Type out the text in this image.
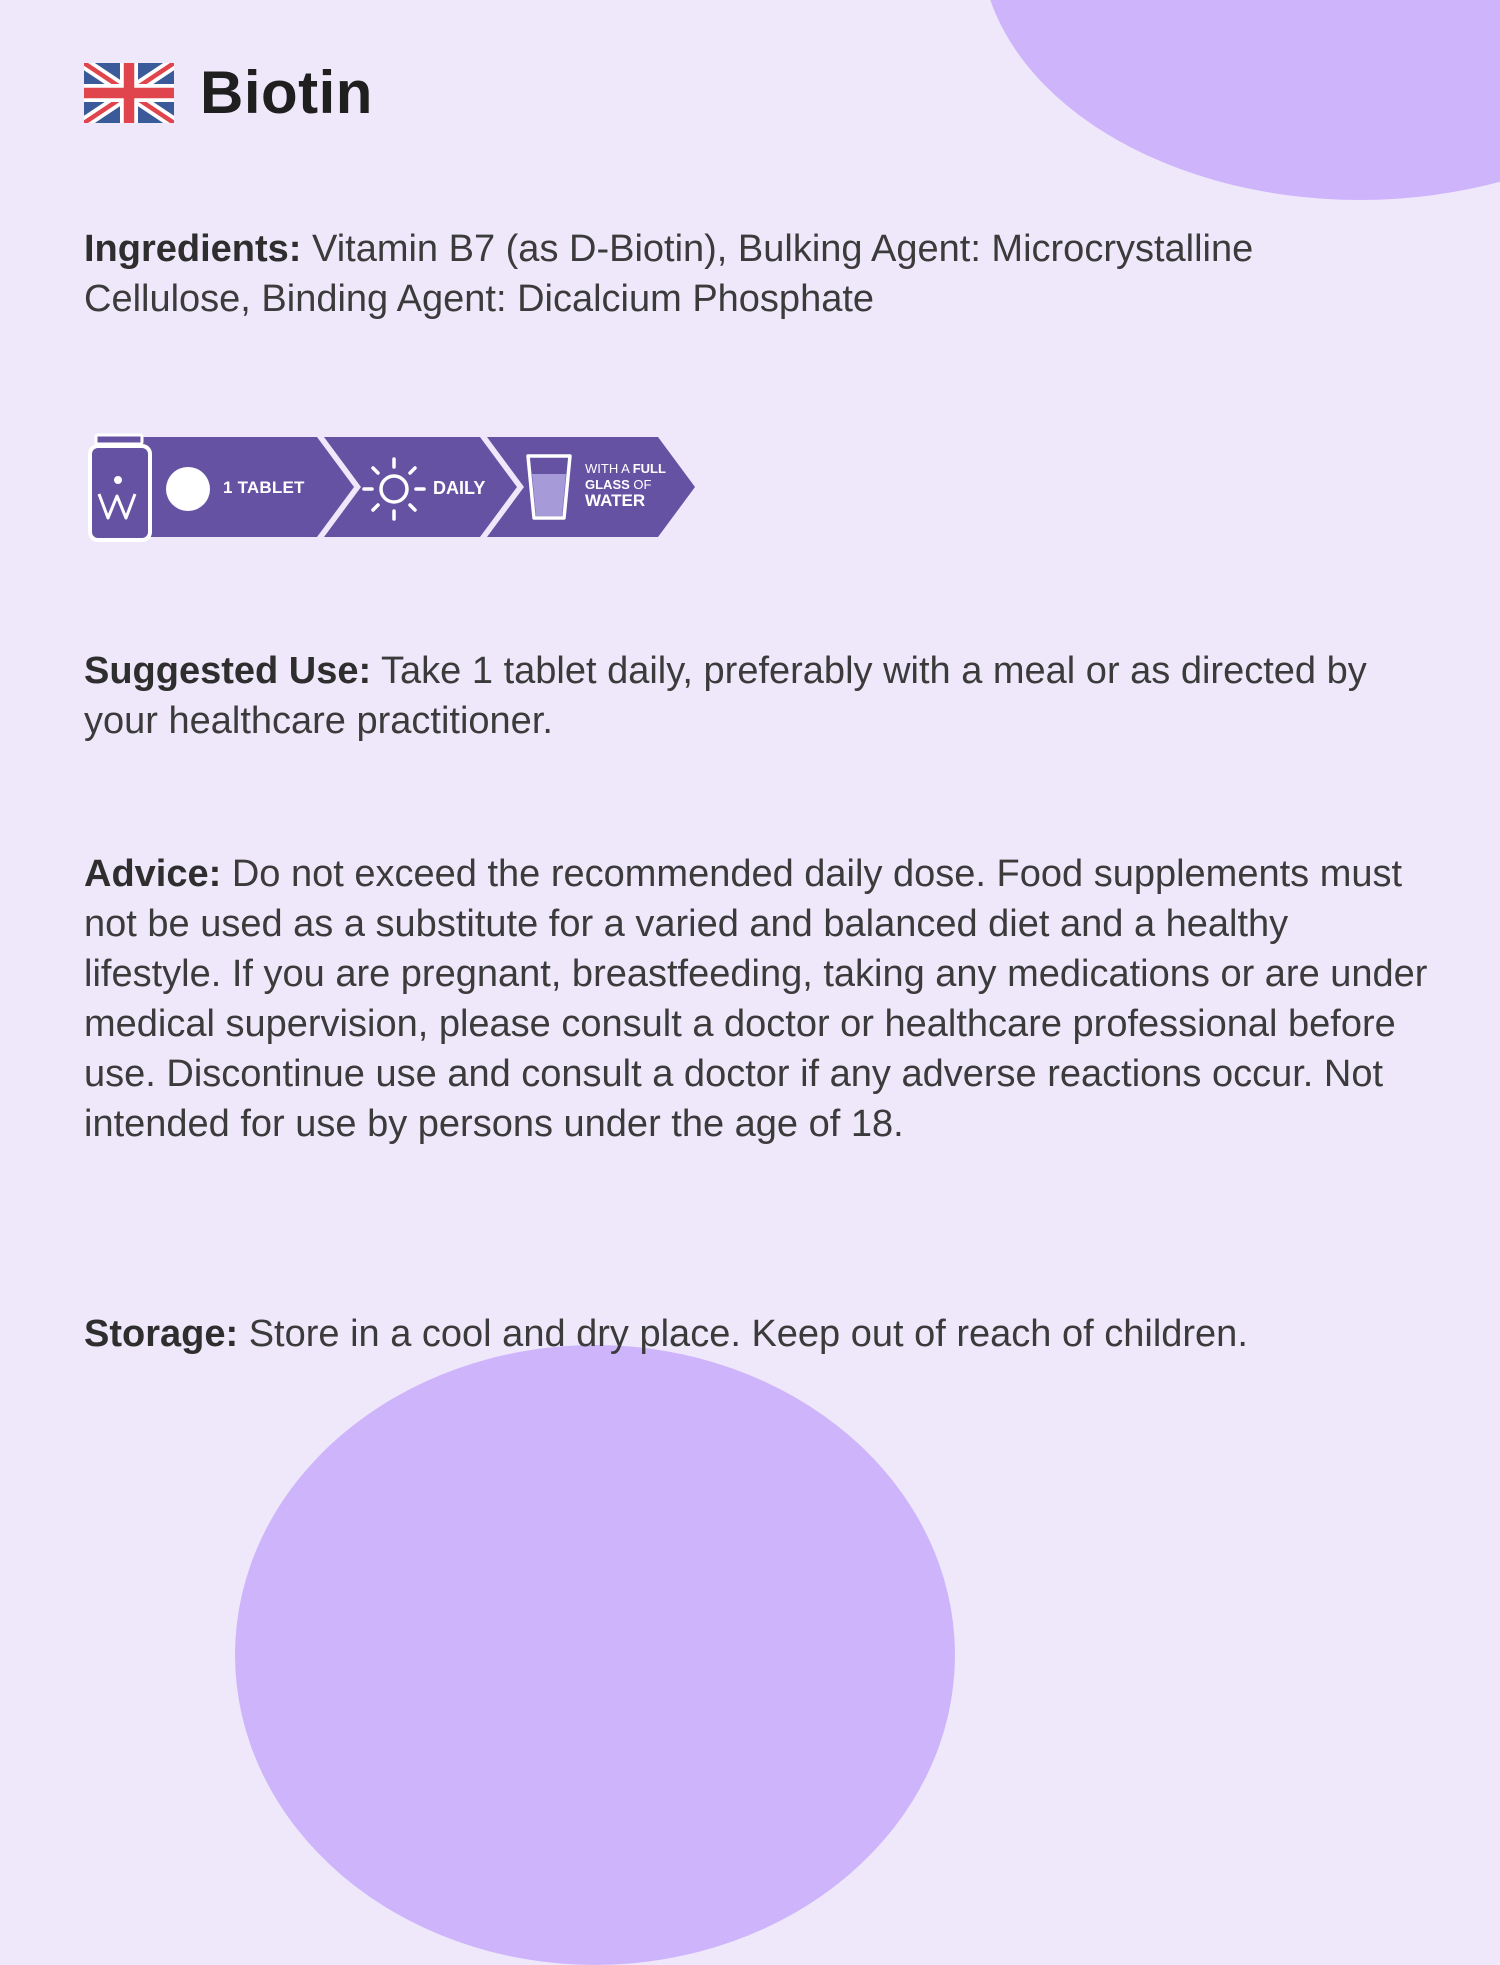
Biotin

Ingredients: Vitamin B7 (as D-Biotin), Bulking Agent: Microcrystalline Cellulose, Binding Agent: Dicalcium Phosphate

1 TABLET	DAILY
WITH A FULL
GLASS OF
WATER

Suggested Use: Take 1 tablet daily, preferably with a meal or as directed by your healthcare practitioner.

Advice: Do not exceed the recommended daily dose. Food supplements must not be used as a substitute for a varied and balanced diet and a healthy lifestyle. If you are pregnant, breastfeeding, taking any medications or are under medical supervision, please consult a doctor or healthcare professional before use. Discontinue use and consult a doctor if any adverse reactions occur. Not intended for use by persons under the age of 18.

Storage: Store in a cool and dry place. Keep out of reach of children.
